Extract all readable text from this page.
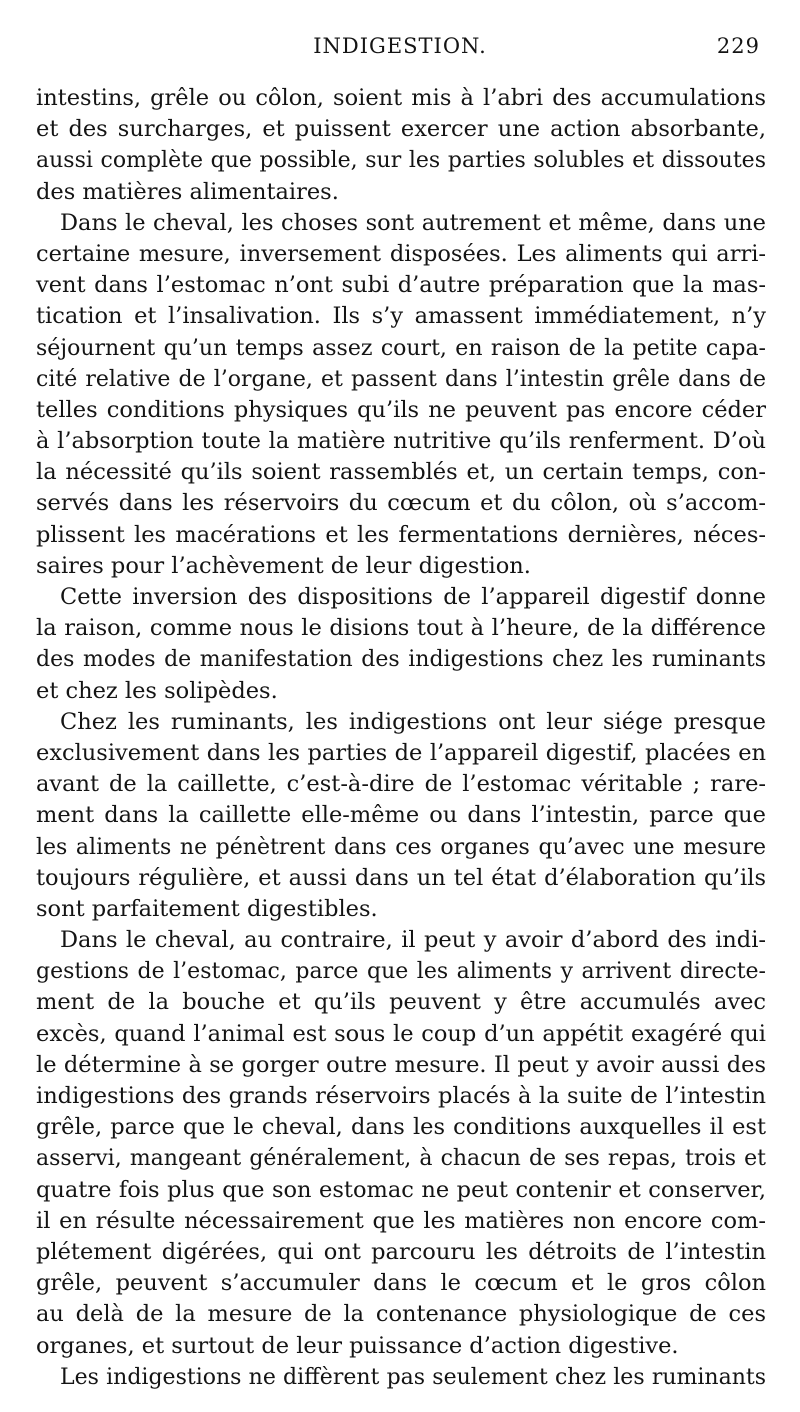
INDIGESTION.	229
intestins, grêle ou côlon, soient mis à l’abri des accumulations
et des surcharges, et puissent exercer une action absorbante,
aussi complète que possible, sur les parties solubles et dissoutes
des matières alimentaires.
Dans le cheval, les choses sont autrement et même, dans une
certaine mesure, inversement disposées. Les aliments qui arri-
vent dans l’estomac n’ont subi d’autre préparation que la mas-
tication et l’insalivation. Ils s’y amassent immédiatement, n’y
séjournent qu’un temps assez court, en raison de la petite capa-
cité relative de l’organe, et passent dans l’intestin grêle dans de
telles conditions physiques qu’ils ne peuvent pas encore céder
à l’absorption toute la matière nutritive qu’ils renferment. D’où
la nécessité qu’ils soient rassemblés et, un certain temps, con-
servés dans les réservoirs du cœcum et du côlon, où s’accom-
plissent les macérations et les fermentations dernières, néces-
saires pour l’achèvement de leur digestion.
Cette inversion des dispositions de l’appareil digestif donne
la raison, comme nous le disions tout à l’heure, de la différence
des modes de manifestation des indigestions chez les ruminants
et chez les solipèdes.
Chez les ruminants, les indigestions ont leur siége presque
exclusivement dans les parties de l’appareil digestif, placées en
avant de la caillette, c’est-à-dire de l’estomac véritable ; rare-
ment dans la caillette elle-même ou dans l’intestin, parce que
les aliments ne pénètrent dans ces organes qu’avec une mesure
toujours régulière, et aussi dans un tel état d’élaboration qu’ils
sont parfaitement digestibles.
Dans le cheval, au contraire, il peut y avoir d’abord des indi-
gestions de l’estomac, parce que les aliments y arrivent directe-
ment de la bouche et qu’ils peuvent y être accumulés avec
excès, quand l’animal est sous le coup d’un appétit exagéré qui
le détermine à se gorger outre mesure. Il peut y avoir aussi des
indigestions des grands réservoirs placés à la suite de l’intestin
grêle, parce que le cheval, dans les conditions auxquelles il est
asservi, mangeant généralement, à chacun de ses repas, trois et
quatre fois plus que son estomac ne peut contenir et conserver,
il en résulte nécessairement que les matières non encore com-
plétement digérées, qui ont parcouru les détroits de l’intestin
grêle, peuvent s’accumuler dans le cœcum et le gros côlon
au delà de la mesure de la contenance physiologique de ces
organes, et surtout de leur puissance d’action digestive.
Les indigestions ne diffèrent pas seulement chez les ruminants
